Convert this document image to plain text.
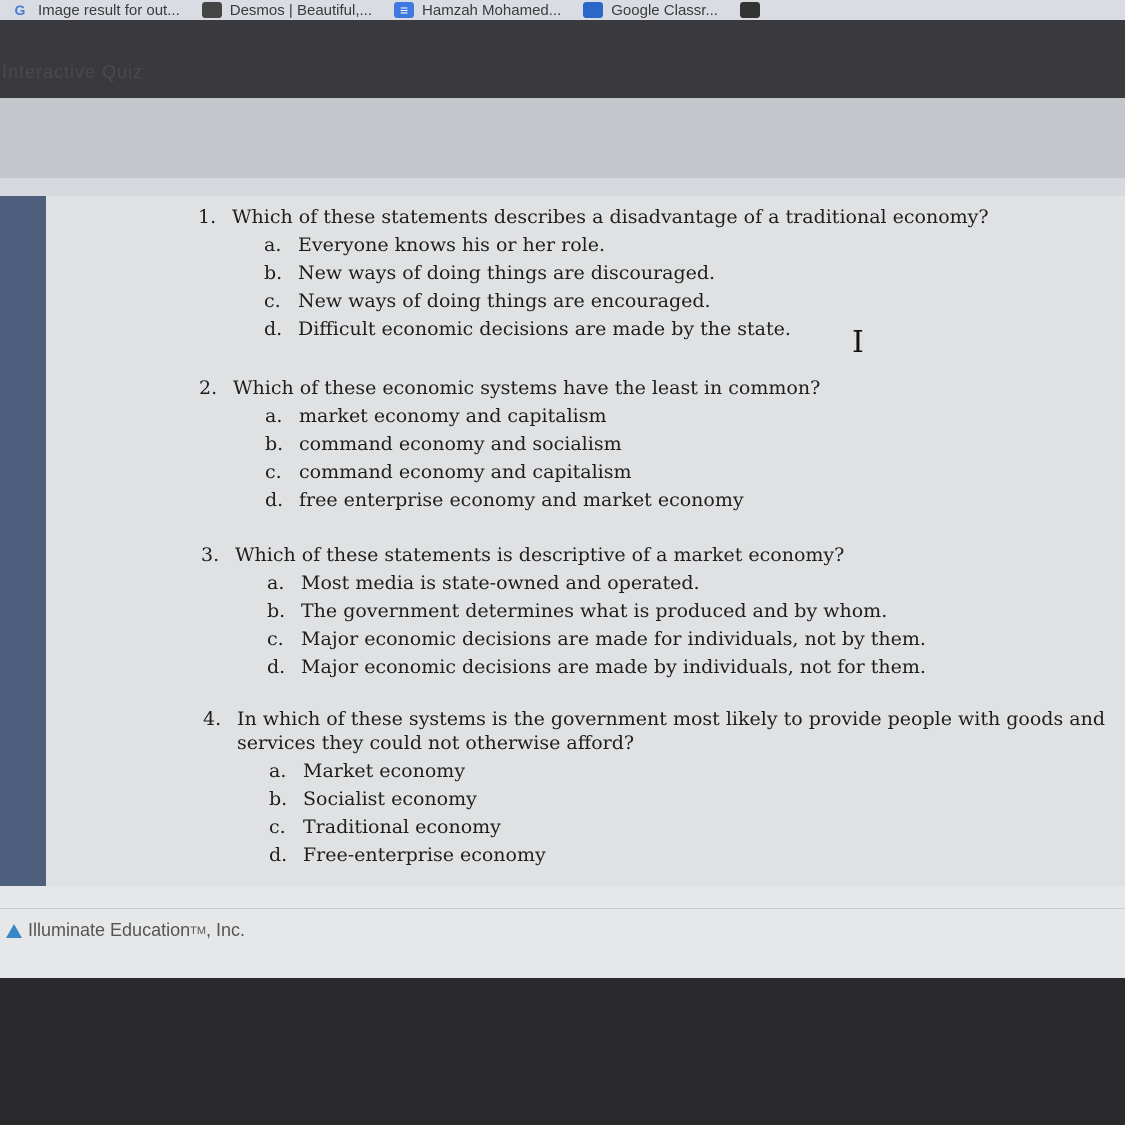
G Image result for out...	Desmos | Beautiful,...	≡ Hamzah Mohamed...	Google Classr...
Interactive Quiz
1. Which of these statements describes a disadvantage of a traditional economy?
a. Everyone knows his or her role.
b. New ways of doing things are discouraged.
c. New ways of doing things are encouraged.
d. Difficult economic decisions are made by the state.
2. Which of these economic systems have the least in common?
a. market economy and capitalism
b. command economy and socialism
c. command economy and capitalism
d. free enterprise economy and market economy
3. Which of these statements is descriptive of a market economy?
a. Most media is state-owned and operated.
b. The government determines what is produced and by whom.
c. Major economic decisions are made for individuals, not by them.
d. Major economic decisions are made by individuals, not for them.
4. In which of these systems is the government most likely to provide people with goods and
services they could not otherwise afford?
a. Market economy
b. Socialist economy
c. Traditional economy
d. Free-enterprise economy
I
Illuminate Education TM , Inc.
